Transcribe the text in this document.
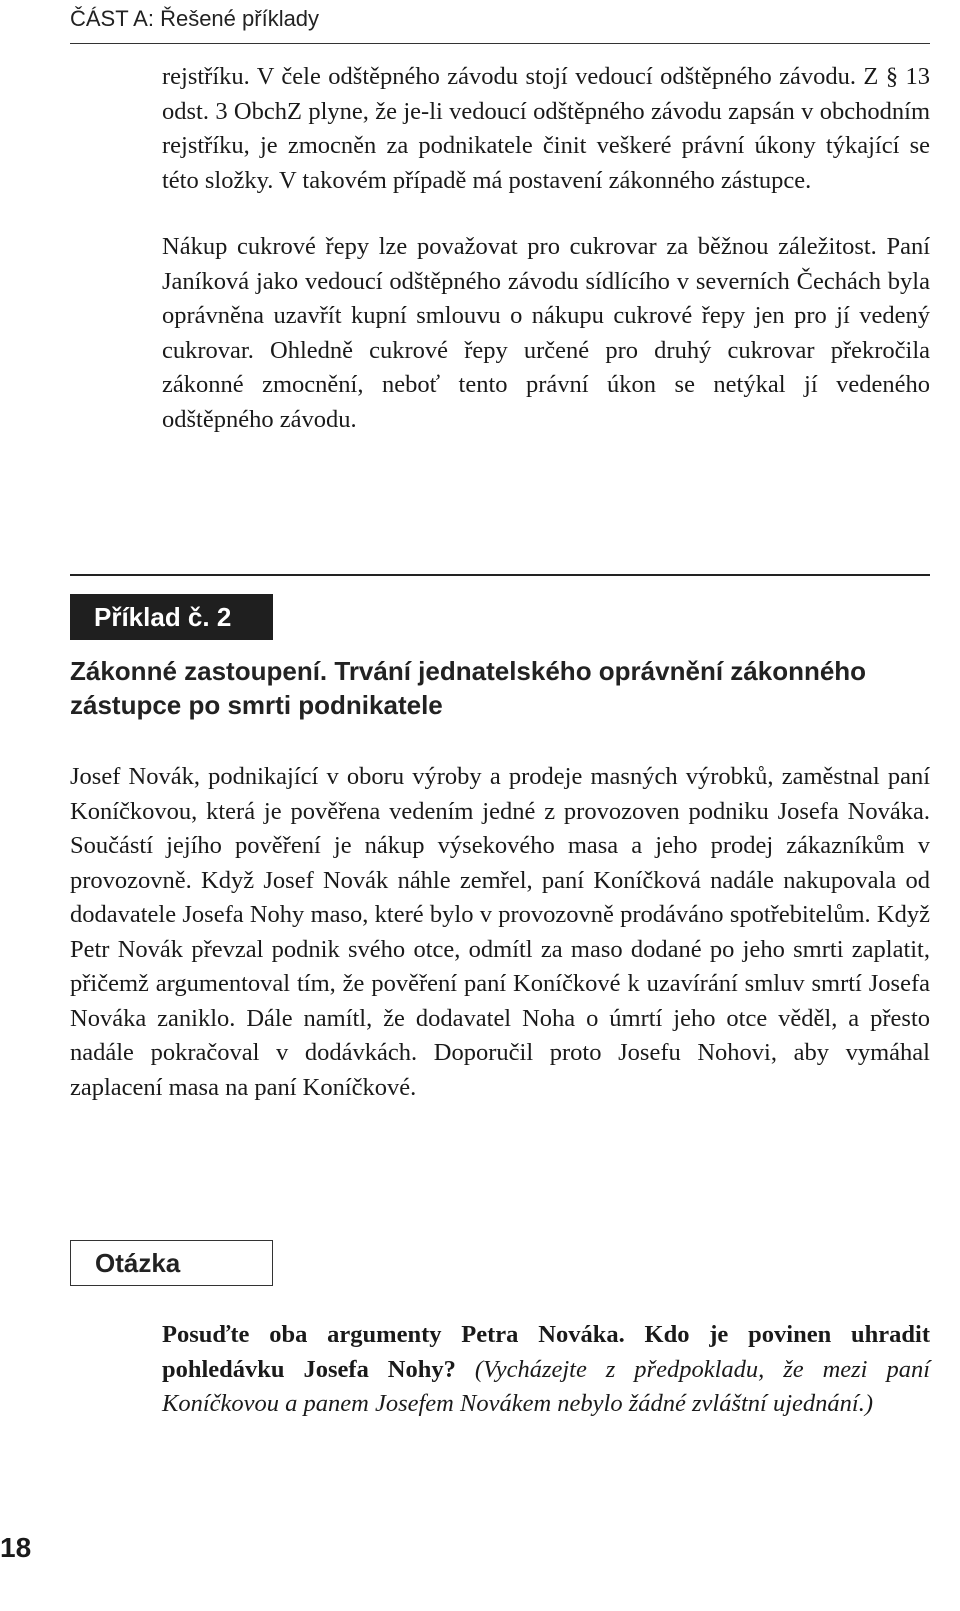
ČÁST A: Řešené příklady

rejstříku. V čele odštěpného závodu stojí vedoucí odštěpného závodu. Z § 13 odst. 3 ObchZ plyne, že je-li vedoucí odštěpného závodu zapsán v obchodním rejstříku, je zmocněn za podnikatele činit veškeré právní úkony týkající se této složky. V takovém případě má postavení zákonného zástupce.

Nákup cukrové řepy lze považovat pro cukrovar za běžnou záležitost. Paní Janíková jako vedoucí odštěpného závodu sídlícího v severních Čechách byla oprávněna uzavřít kupní smlouvu o nákupu cukrové řepy jen pro jí vedený cukrovar. Ohledně cukrové řepy určené pro druhý cukrovar překročila zákonné zmocnění, neboť tento právní úkon se netýkal jí vedeného odštěpného závodu.

Příklad č. 2
Zákonné zastoupení. Trvání jednatelského oprávnění zákonného zástupce po smrti podnikatele

Josef Novák, podnikající v oboru výroby a prodeje masných výrobků, zaměstnal paní Koníčkovou, která je pověřena vedením jedné z provozoven podniku Josefa Nováka. Součástí jejího pověření je nákup výsekového masa a jeho prodej zákazníkům v provozovně. Když Josef Novák náhle zemřel, paní Koníčková nadále nakupovala od dodavatele Josefa Nohy maso, které bylo v provozovně prodáváno spotřebitelům. Když Petr Novák převzal podnik svého otce, odmítl za maso dodané po jeho smrti zaplatit, přičemž argumentoval tím, že pověření paní Koníčkové k uzavírání smluv smrtí Josefa Nováka zaniklo. Dále namítl, že dodavatel Noha o úmrtí jeho otce věděl, a přesto nadále pokračoval v dodávkách. Doporučil proto Josefu Nohovi, aby vymáhal zaplacení masa na paní Koníčkové.

Otázka

Posuďte oba argumenty Petra Nováka. Kdo je povinen uhradit pohledávku Josefa Nohy? (Vycházejte z předpokladu, že mezi paní Koníčkovou a panem Josefem Novákem nebylo žádné zvláštní ujednání.)

18
